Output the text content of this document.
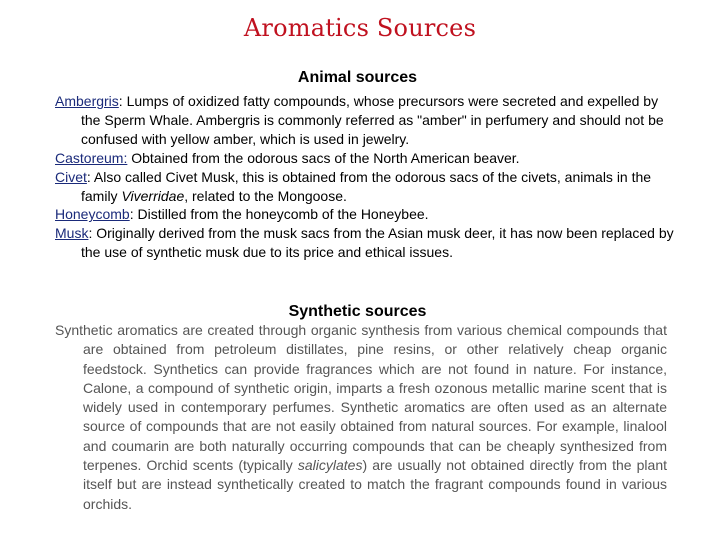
Aromatics Sources
Animal sources

Ambergris: Lumps of oxidized fatty compounds, whose precursors were secreted and expelled by the Sperm Whale. Ambergris is commonly referred as "amber" in perfumery and should not be confused with yellow amber, which is used in jewelry.

Castoreum: Obtained from the odorous sacs of the North American beaver.

Civet: Also called Civet Musk, this is obtained from the odorous sacs of the civets, animals in the family Viverridae, related to the Mongoose.

Honeycomb: Distilled from the honeycomb of the Honeybee.

Musk: Originally derived from the musk sacs from the Asian musk deer, it has now been replaced by the use of synthetic musk due to its price and ethical issues.

Synthetic sources

Synthetic aromatics are created through organic synthesis from various chemical compounds that are obtained from petroleum distillates, pine resins, or other relatively cheap organic feedstock. Synthetics can provide fragrances which are not found in nature. For instance, Calone, a compound of synthetic origin, imparts a fresh ozonous metallic marine scent that is widely used in contemporary perfumes. Synthetic aromatics are often used as an alternate source of compounds that are not easily obtained from natural sources. For example, linalool and coumarin are both naturally occurring compounds that can be cheaply synthesized from terpenes. Orchid scents (typically salicylates) are usually not obtained directly from the plant itself but are instead synthetically created to match the fragrant compounds found in various orchids.
